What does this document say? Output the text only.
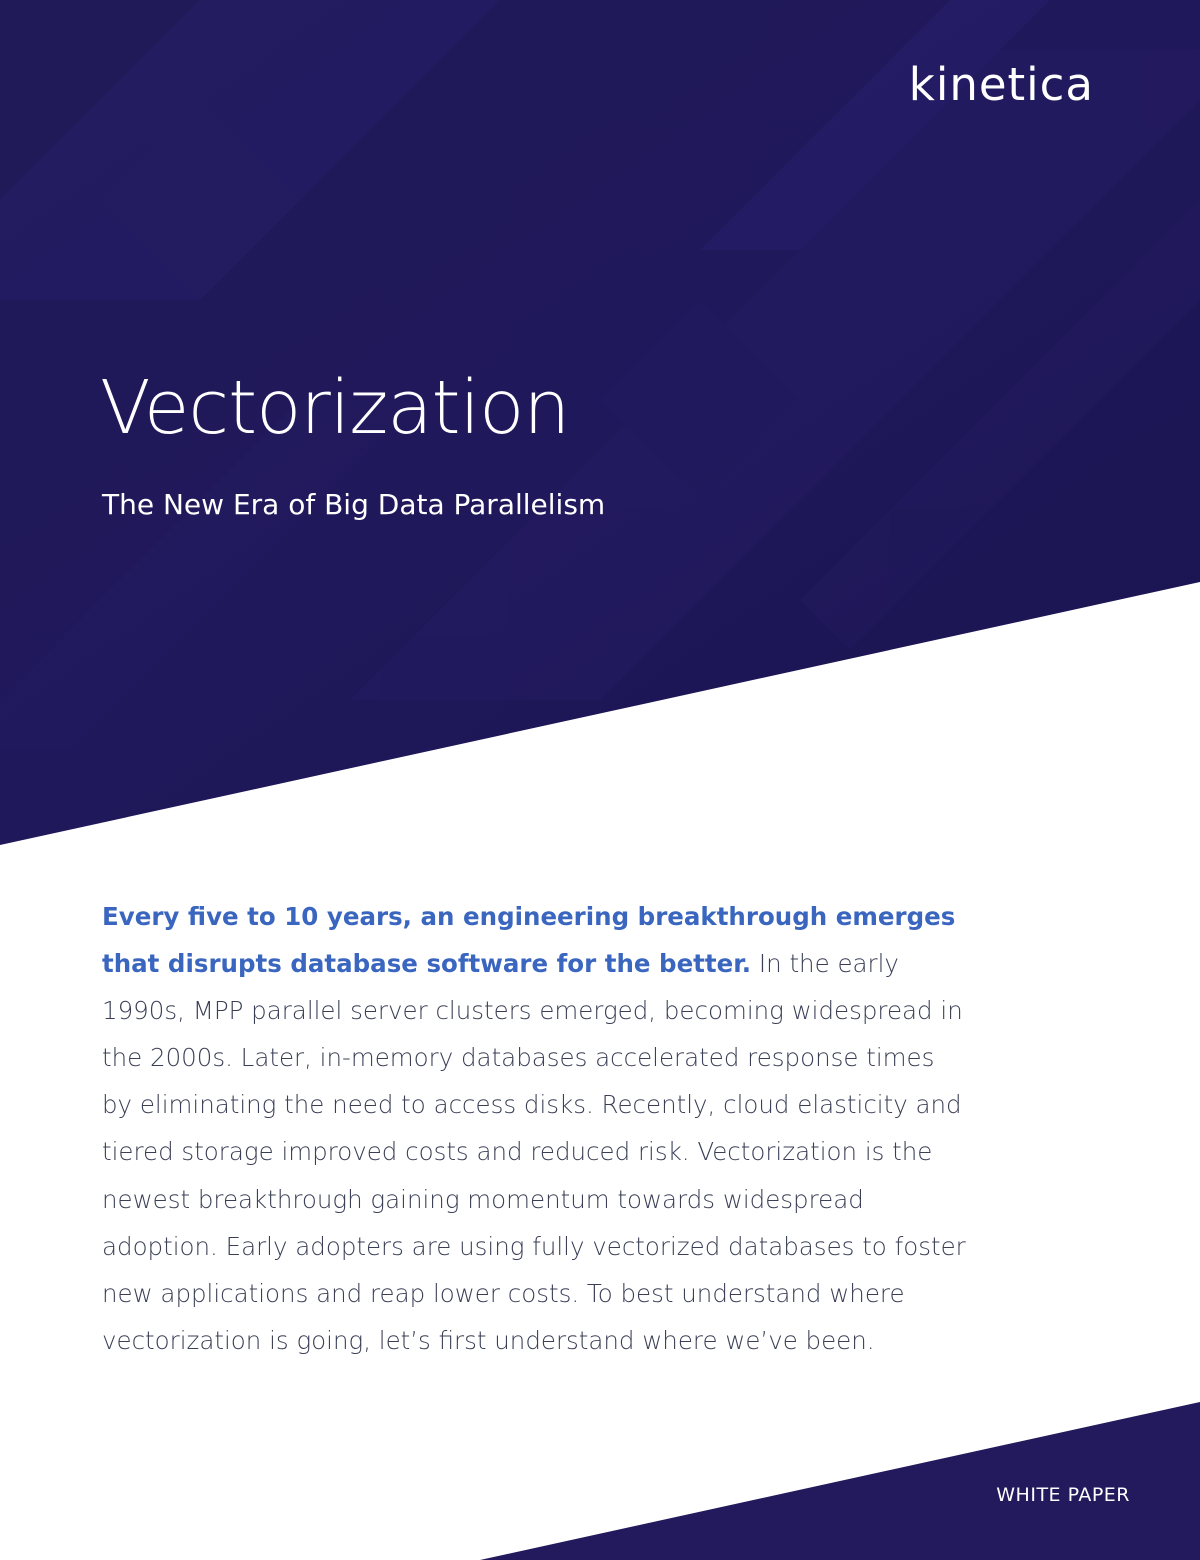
kinetica
Vectorization
The New Era of Big Data Parallelism

Every five to 10 years, an engineering breakthrough emerges that disrupts database software for the better. In the early 1990s, MPP parallel server clusters emerged, becoming widespread in the 2000s. Later, in-memory databases accelerated response times by eliminating the need to access disks. Recently, cloud elasticity and tiered storage improved costs and reduced risk. Vectorization is the newest breakthrough gaining momentum towards widespread adoption. Early adopters are using fully vectorized databases to foster new applications and reap lower costs. To best understand where vectorization is going, let’s first understand where we’ve been.

WHITE PAPER
